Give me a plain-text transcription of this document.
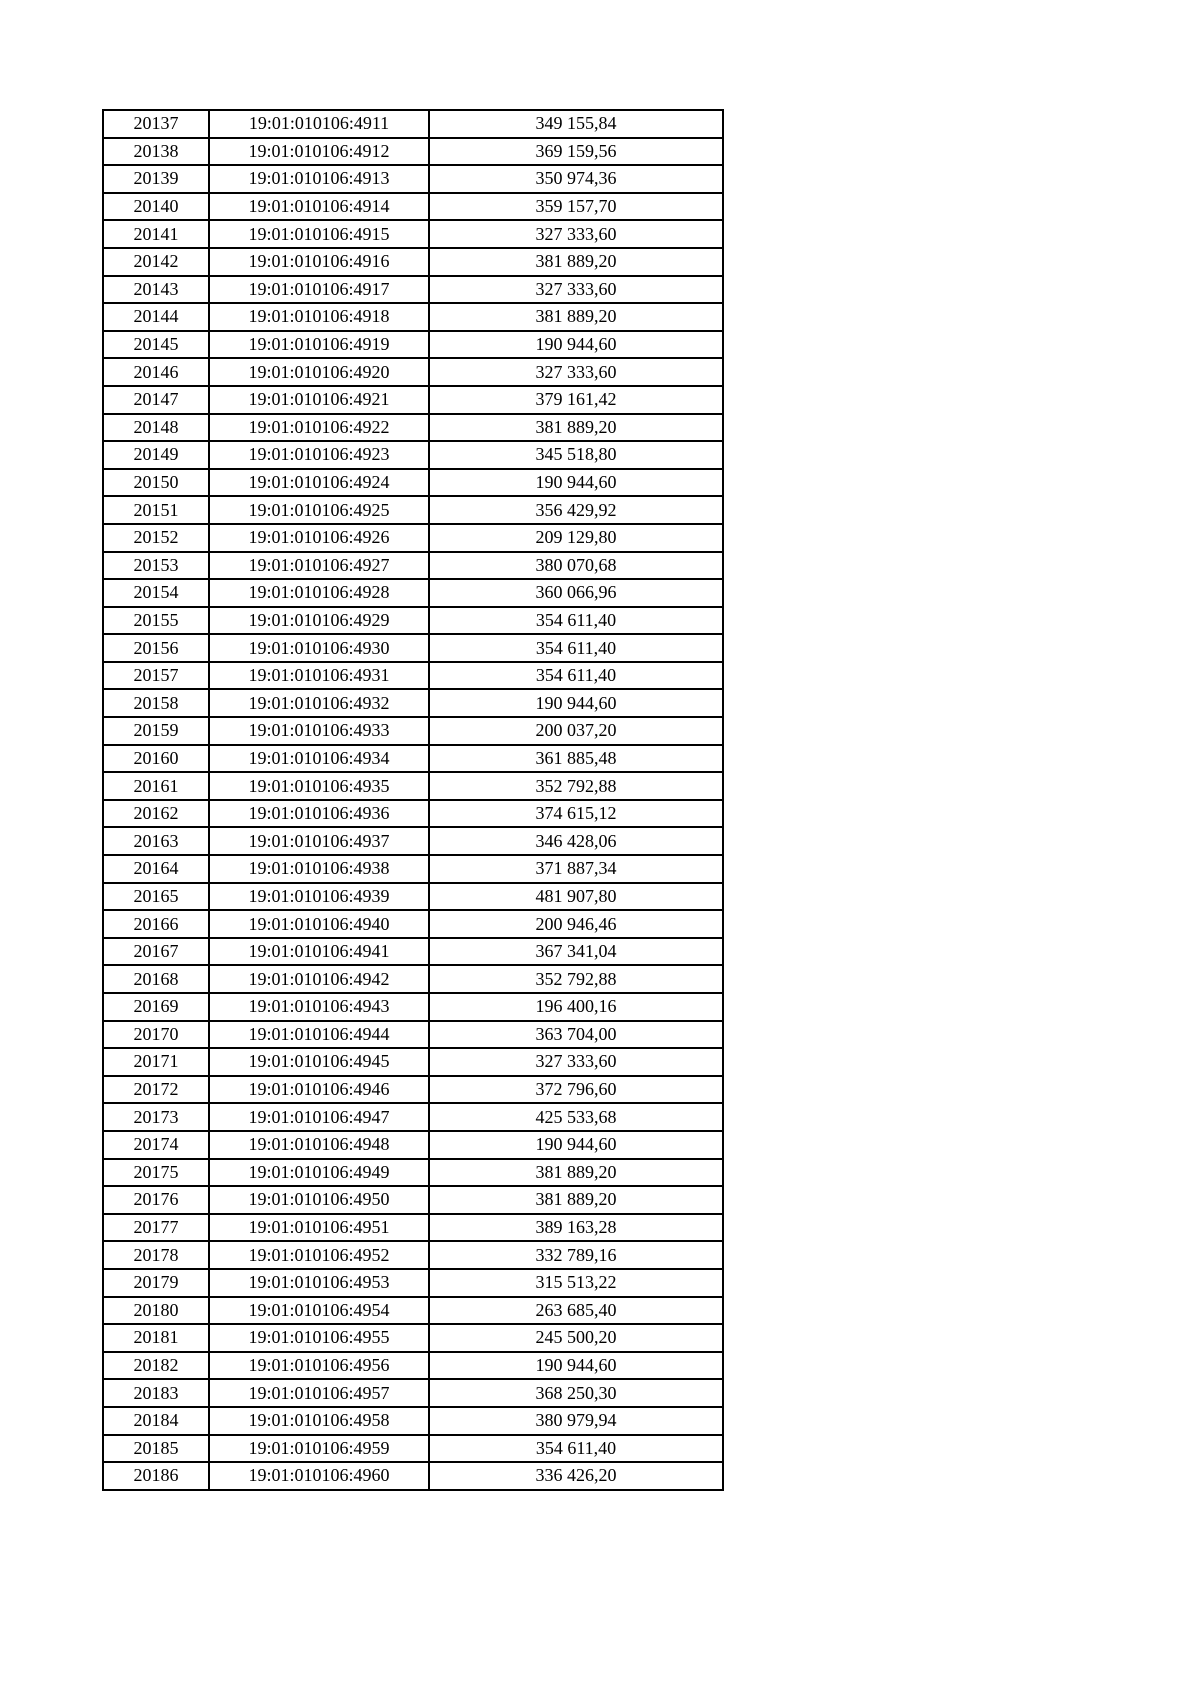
20137	19:01:010106:4911	349 155,84
20138	19:01:010106:4912	369 159,56
20139	19:01:010106:4913	350 974,36
20140	19:01:010106:4914	359 157,70
20141	19:01:010106:4915	327 333,60
20142	19:01:010106:4916	381 889,20
20143	19:01:010106:4917	327 333,60
20144	19:01:010106:4918	381 889,20
20145	19:01:010106:4919	190 944,60
20146	19:01:010106:4920	327 333,60
20147	19:01:010106:4921	379 161,42
20148	19:01:010106:4922	381 889,20
20149	19:01:010106:4923	345 518,80
20150	19:01:010106:4924	190 944,60
20151	19:01:010106:4925	356 429,92
20152	19:01:010106:4926	209 129,80
20153	19:01:010106:4927	380 070,68
20154	19:01:010106:4928	360 066,96
20155	19:01:010106:4929	354 611,40
20156	19:01:010106:4930	354 611,40
20157	19:01:010106:4931	354 611,40
20158	19:01:010106:4932	190 944,60
20159	19:01:010106:4933	200 037,20
20160	19:01:010106:4934	361 885,48
20161	19:01:010106:4935	352 792,88
20162	19:01:010106:4936	374 615,12
20163	19:01:010106:4937	346 428,06
20164	19:01:010106:4938	371 887,34
20165	19:01:010106:4939	481 907,80
20166	19:01:010106:4940	200 946,46
20167	19:01:010106:4941	367 341,04
20168	19:01:010106:4942	352 792,88
20169	19:01:010106:4943	196 400,16
20170	19:01:010106:4944	363 704,00
20171	19:01:010106:4945	327 333,60
20172	19:01:010106:4946	372 796,60
20173	19:01:010106:4947	425 533,68
20174	19:01:010106:4948	190 944,60
20175	19:01:010106:4949	381 889,20
20176	19:01:010106:4950	381 889,20
20177	19:01:010106:4951	389 163,28
20178	19:01:010106:4952	332 789,16
20179	19:01:010106:4953	315 513,22
20180	19:01:010106:4954	263 685,40
20181	19:01:010106:4955	245 500,20
20182	19:01:010106:4956	190 944,60
20183	19:01:010106:4957	368 250,30
20184	19:01:010106:4958	380 979,94
20185	19:01:010106:4959	354 611,40
20186	19:01:010106:4960	336 426,20
